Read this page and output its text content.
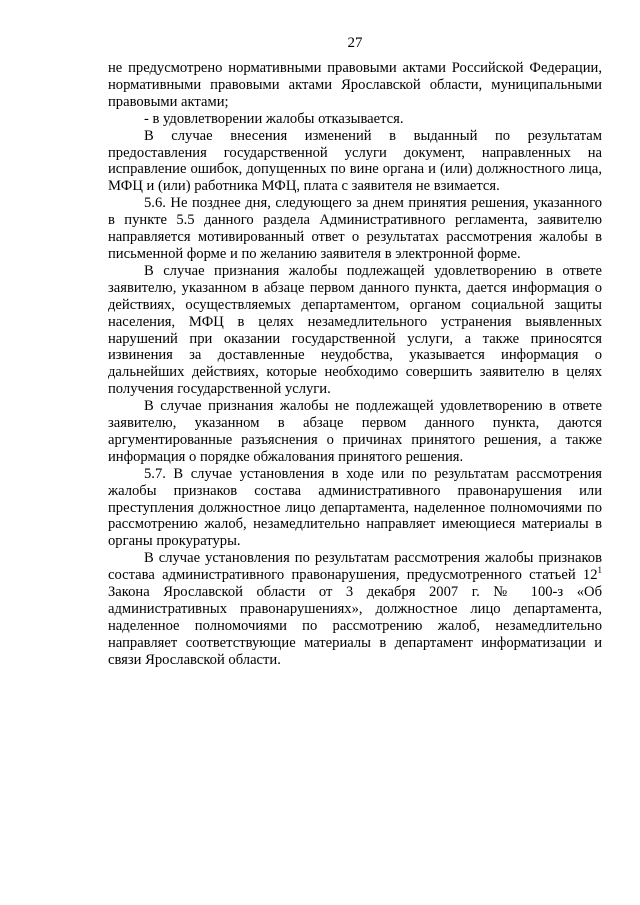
27

не предусмотрено нормативными правовыми актами Российской Федерации, нормативными правовыми актами Ярославской области, муниципальными правовыми актами;

- в удовлетворении жалобы отказывается.

В случае внесения изменений в выданный по результатам предоставления государственной услуги документ, направленных на исправление ошибок, допущенных по вине органа и (или) должностного лица, МФЦ и (или) работника МФЦ, плата с заявителя не взимается.

5.6. Не позднее дня, следующего за днем принятия решения, указанного в пункте 5.5 данного раздела Административного регламента, заявителю направляется мотивированный ответ о результатах рассмотрения жалобы в письменной форме и по желанию заявителя в электронной форме.

В случае признания жалобы подлежащей удовлетворению в ответе заявителю, указанном в абзаце первом данного пункта, дается информация о действиях, осуществляемых департаментом, органом социальной защиты населения, МФЦ в целях незамедлительного устранения выявленных нарушений при оказании государственной услуги, а также приносятся извинения за доставленные неудобства, указывается информация о дальнейших действиях, которые необходимо совершить заявителю в целях получения государственной услуги.

В случае признания жалобы не подлежащей удовлетворению в ответе заявителю, указанном в абзаце первом данного пункта, даются аргументированные разъяснения о причинах принятого решения, а также информация о порядке обжалования принятого решения.

5.7. В случае установления в ходе или по результатам рассмотрения жалобы признаков состава административного правонарушения или преступления должностное лицо департамента, наделенное полномочиями по рассмотрению жалоб, незамедлительно направляет имеющиеся материалы в органы прокуратуры.

В случае установления по результатам рассмотрения жалобы признаков состава административного правонарушения, предусмотренного статьей $12^1$ Закона Ярославской области от 3 декабря 2007 г. № 100-з «Об административных правонарушениях», должностное лицо департамента, наделенное полномочиями по рассмотрению жалоб, незамедлительно направляет соответствующие материалы в департамент информатизации и связи Ярославской области.
